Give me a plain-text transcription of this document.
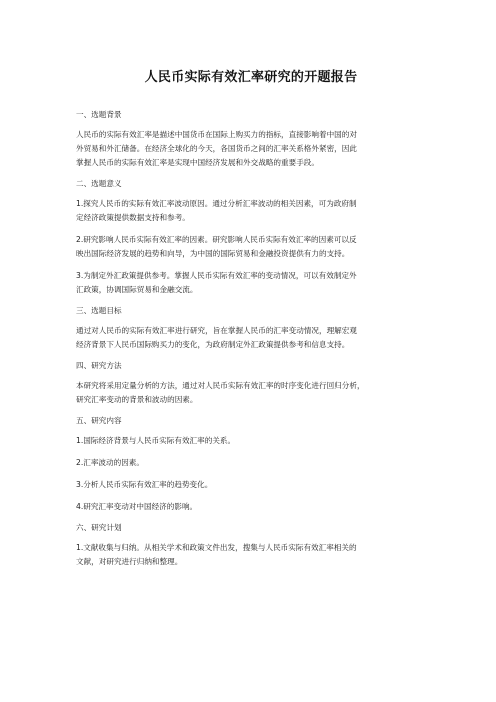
人民币实际有效汇率研究的开题报告
一、选题背景
人民币的实际有效汇率是描述中国货币在国际上购买力的指标，直接影响着中国的对
外贸易和外汇储备。在经济全球化的今天，各国货币之间的汇率关系格外紧密，因此
掌握人民币的实际有效汇率是实现中国经济发展和外交战略的重要手段。
二、选题意义
1.探究人民币的实际有效汇率波动原因。通过分析汇率波动的相关因素，可为政府制
定经济政策提供数据支持和参考。
2.研究影响人民币实际有效汇率的因素。研究影响人民币实际有效汇率的因素可以反
映出国际经济发展的趋势和向导，为中国的国际贸易和金融投资提供有力的支持。
3.为制定外汇政策提供参考。掌握人民币实际有效汇率的变动情况，可以有效制定外
汇政策，协调国际贸易和金融交流。
三、选题目标
通过对人民币的实际有效汇率进行研究，旨在掌握人民币的汇率变动情况，理解宏观
经济背景下人民币国际购买力的变化，为政府制定外汇政策提供参考和信息支持。
四、研究方法
本研究将采用定量分析的方法，通过对人民币实际有效汇率的时序变化进行回归分析，
研究汇率变动的背景和波动的因素。
五、研究内容
1.国际经济背景与人民币实际有效汇率的关系。
2.汇率波动的因素。
3.分析人民币实际有效汇率的趋势变化。
4.研究汇率变动对中国经济的影响。
六、研究计划
1.文献收集与归纳。从相关学术和政策文件出发，搜集与人民币实际有效汇率相关的
文献，对研究进行归纳和整理。
